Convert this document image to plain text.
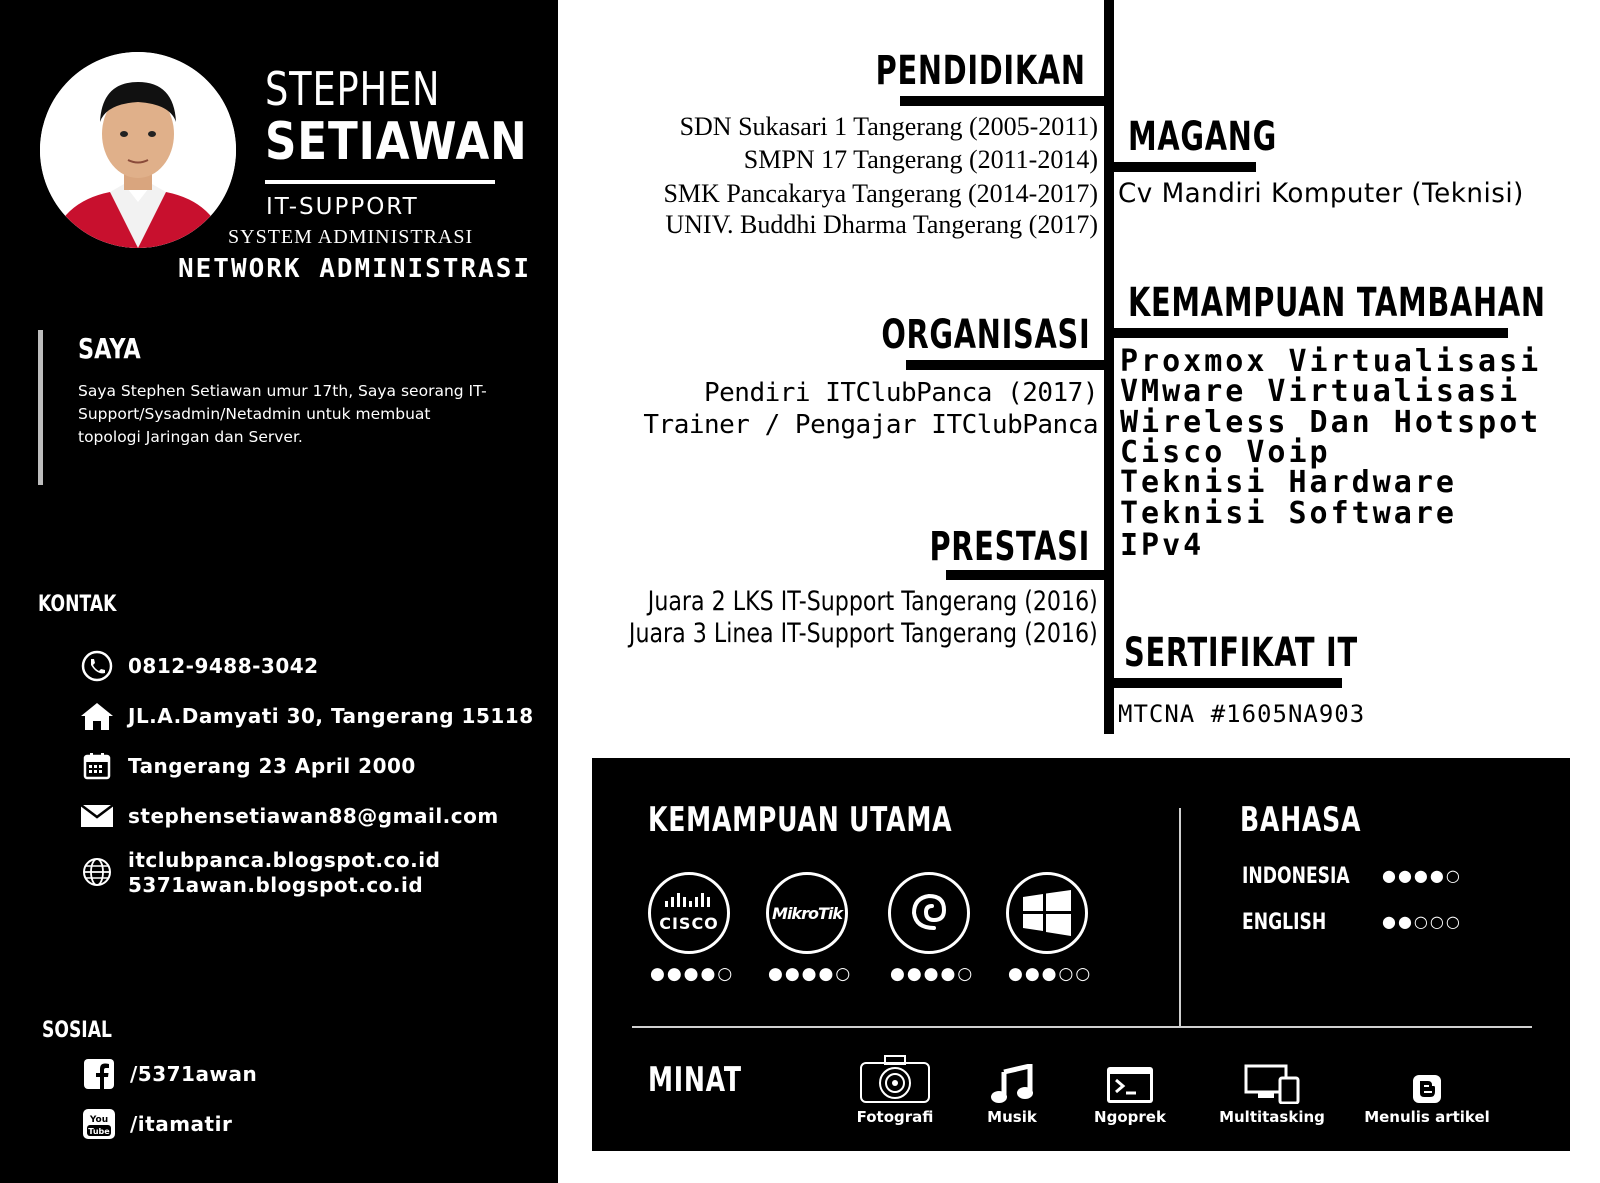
STEPHEN
SETIAWAN
IT-SUPPORT
SYSTEM ADMINISTRASI
NETWORK ADMINISTRASI
SAYA
Saya Stephen Setiawan umur 17th, Saya seorang IT-Support/Sysadmin/Netadmin untuk membuat topologi Jaringan dan Server.
KONTAK
0812-9488-3042
JL.A.Damyati 30, Tangerang 15118
Tangerang 23 April 2000
stephensetiawan88@gmail.com
itclubpanca.blogspot.co.id
5371awan.blogspot.co.id
SOSIAL
/5371awan
You
Tube /itamatir
PENDIDIKAN
SDN Sukasari 1 Tangerang (2005-2011)
SMPN 17 Tangerang (2011-2014)
SMK Pancakarya Tangerang (2014-2017)
UNIV. Buddhi Dharma Tangerang (2017)
ORGANISASI
Pendiri ITClubPanca (2017)
Trainer / Pengajar ITClubPanca
PRESTASI
Juara 2 LKS IT-Support Tangerang (2016)
Juara 3 Linea IT-Support Tangerang (2016)
MAGANG
Cv Mandiri Komputer (Teknisi)
KEMAMPUAN TAMBAHAN
Proxmox Virtualisasi
VMware Virtualisasi
Wireless Dan Hotspot
Cisco Voip
Teknisi Hardware
Teknisi Software
IPv4
SERTIFIKAT IT
MTCNA #1605NA903
KEMAMPUAN UTAMA
CISCO
MikroTik
●●●●○ ●●●●○ ●●●●○ ●●●○○
BAHASA
INDONESIA ●●●●○
ENGLISH	●●○○○
MINAT
Fotografi	Musik	Ngoprek	Multitasking	Menulis artikel
